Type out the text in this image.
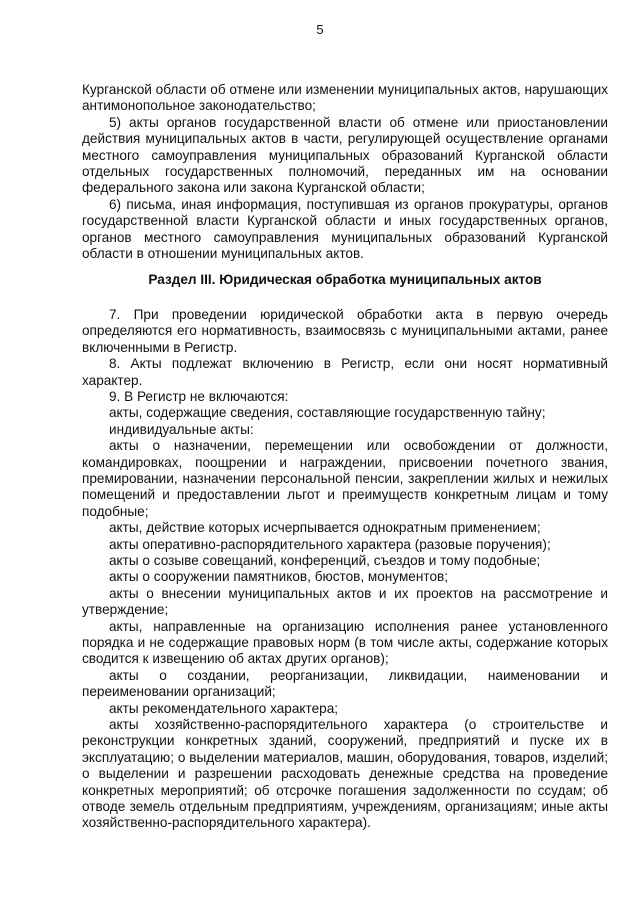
5

Курганской области об отмене или изменении муниципальных актов, нарушающих антимонопольное законодательство;

5) акты органов государственной власти об отмене или приостановлении действия муниципальных актов в части, регулирующей осуществление органами местного самоуправления муниципальных образований Курганской области отдельных государственных полномочий, переданных им на основании федерального закона или закона Курганской области;

6) письма, иная информация, поступившая из органов прокуратуры, органов государственной власти Курганской области и иных государственных органов, органов местного самоуправления муниципальных образований Курганской области в отношении муниципальных актов.

Раздел III. Юридическая обработка муниципальных актов

7. При проведении юридической обработки акта в первую очередь определяются его нормативность, взаимосвязь с муниципальными актами, ранее включенными в Регистр.

8. Акты подлежат включению в Регистр, если они носят нормативный характер.

9. В Регистр не включаются:

акты, содержащие сведения, составляющие государственную тайну;

индивидуальные акты:

акты о назначении, перемещении или освобождении от должности, командировках, поощрении и награждении, присвоении почетного звания, премировании, назначении персональной пенсии, закреплении жилых и нежилых помещений и предоставлении льгот и преимуществ конкретным лицам и тому подобные;

акты, действие которых исчерпывается однократным применением;

акты оперативно-распорядительного характера (разовые поручения);

акты о созыве совещаний, конференций, съездов и тому подобные;

акты о сооружении памятников, бюстов, монументов;

акты о внесении муниципальных актов и их проектов на рассмотрение и утверждение;

акты, направленные на организацию исполнения ранее установленного порядка и не содержащие правовых норм (в том числе акты, содержание которых сводится к извещению об актах других органов);

акты о создании, реорганизации, ликвидации, наименовании и переименовании организаций;

акты рекомендательного характера;

акты хозяйственно-распорядительного характера (о строительстве и реконструкции конкретных зданий, сооружений, предприятий и пуске их в эксплуатацию; о выделении материалов, машин, оборудования, товаров, изделий; о выделении и разрешении расходовать денежные средства на проведение конкретных мероприятий; об отсрочке погашения задолженности по ссудам; об отводе земель отдельным предприятиям, учреждениям, организациям; иные акты хозяйственно-распорядительного характера).
